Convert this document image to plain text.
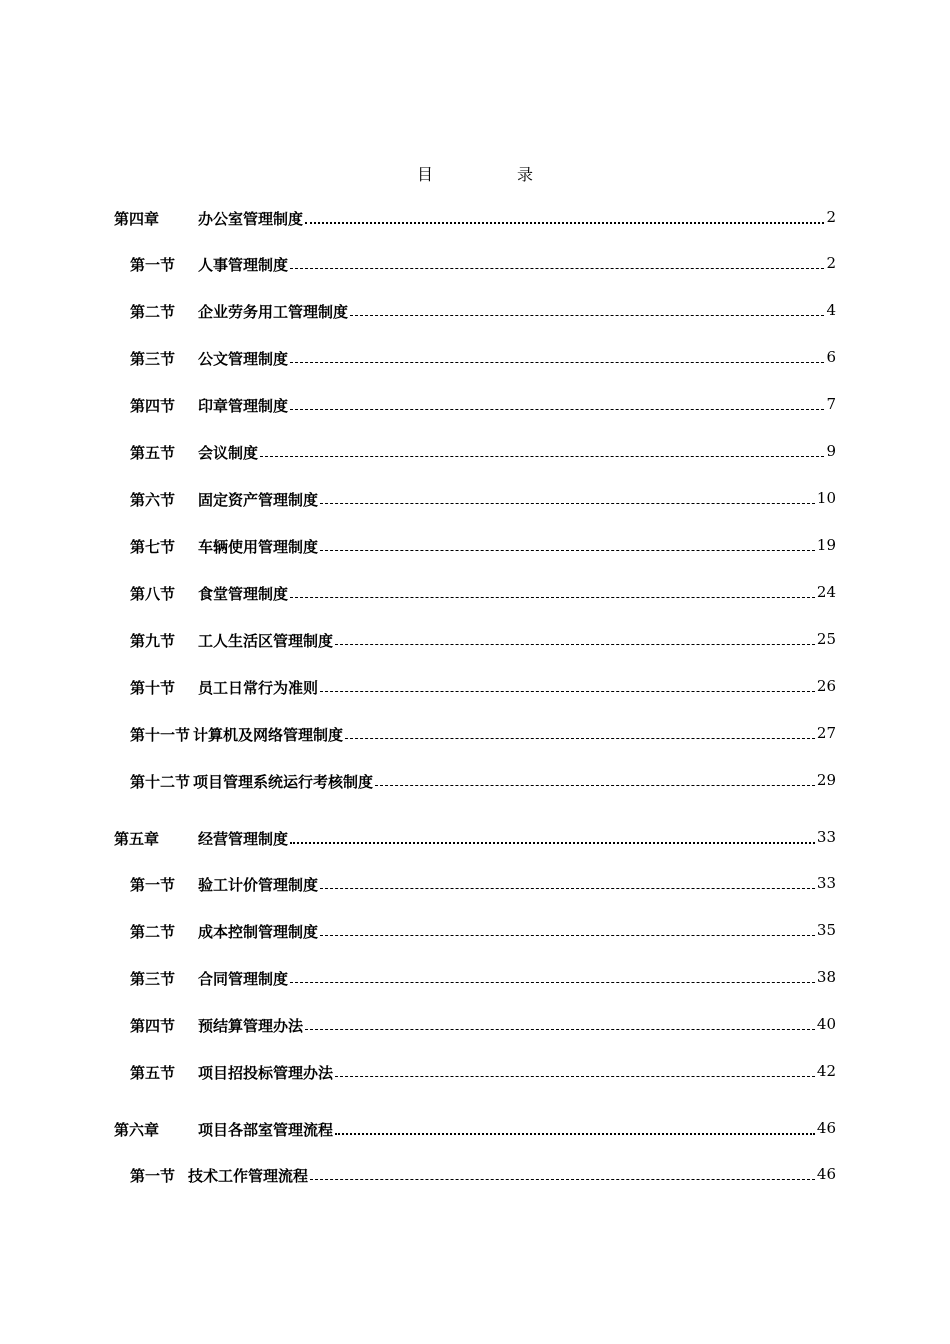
目　录
第四章	办公室管理制度	2
第一节 人事管理制度	2
第二节 企业劳务用工管理制度	4
第三节 公文管理制度	6
第四节 印章管理制度	7
第五节 会议制度	9
第六节 固定资产管理制度	10
第七节 车辆使用管理制度	19
第八节 食堂管理制度	24
第九节 工人生活区管理制度	25
第十节 员工日常行为准则	26
第十一节 计算机及网络管理制度	27
第十二节 项目管理系统运行考核制度	29
第五章	经营管理制度	33
第一节 验工计价管理制度	33
第二节 成本控制管理制度	35
第三节 合同管理制度	38
第四节 预结算管理办法	40
第五节 项目招投标管理办法	42
第六章	项目各部室管理流程	46
第一节 技术工作管理流程	46
